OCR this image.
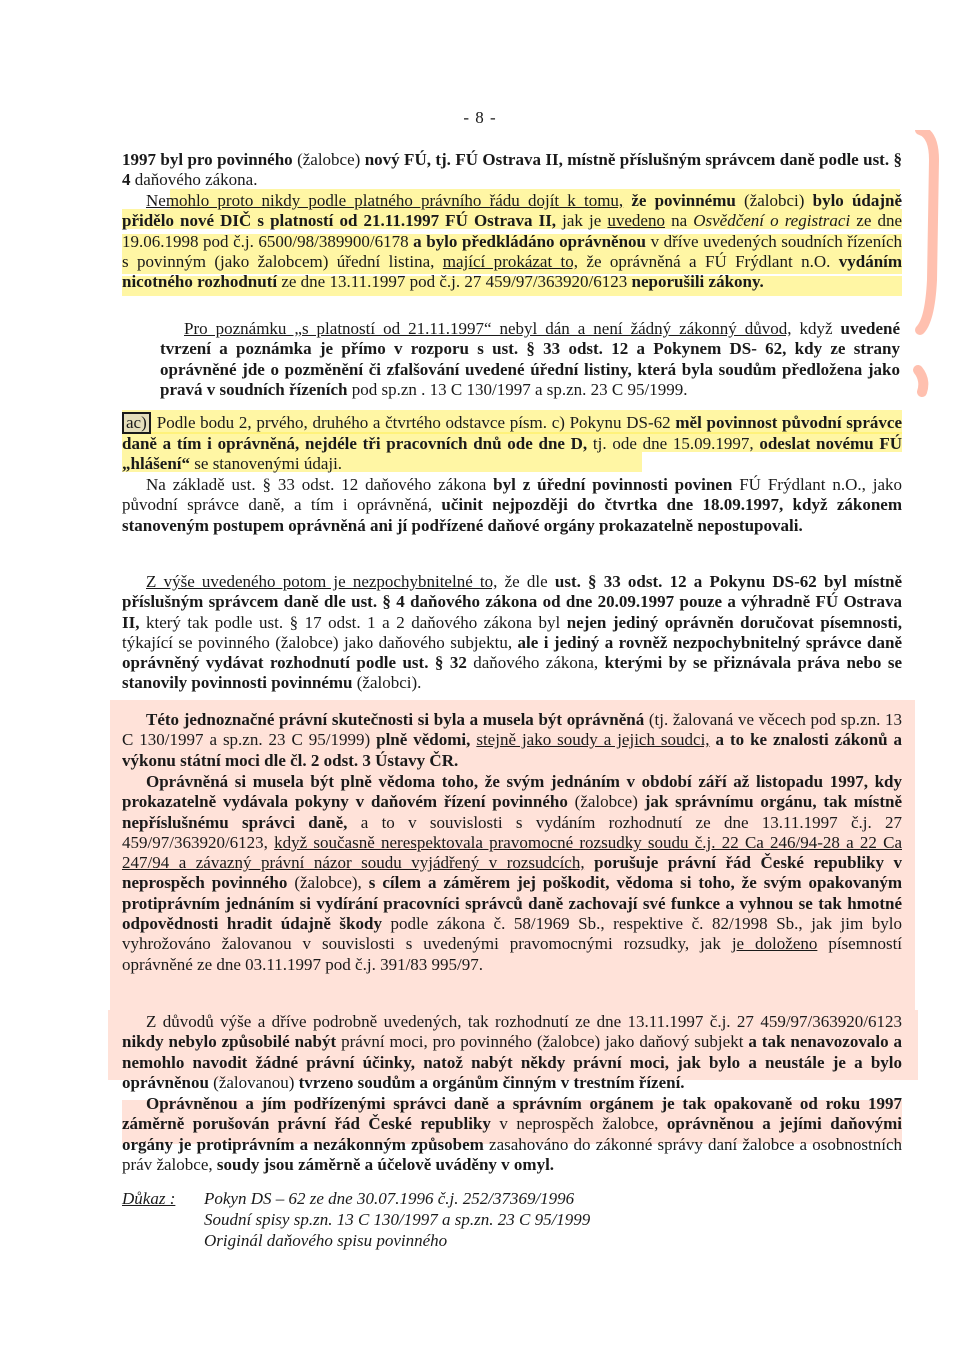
- 8 -

1997 byl pro povinného (žalobce) nový FÚ, tj. FÚ Ostrava II, místně příslušným správcem daně podle ust. § 4 daňového zákona.

Nemohlo proto nikdy podle platného právního řádu dojít k tomu, že povinnému (žalobci) bylo údajně přidělo nové DIČ s platností od 21.11.1997 FÚ Ostrava II, jak je uvedeno na Osvědčení o registraci ze dne 19.06.1998 pod č.j. 6500/98/389900/6178 a bylo předkládáno oprávněnou v dříve uvedených soudních řízeních s povinným (jako žalobcem) úřední listina, mající prokázat to, že oprávněná a FÚ Frýdlant n.O. vydáním nicotného rozhodnutí ze dne 13.11.1997 pod č.j. 27 459/97/363920/6123 neporušili zákony.

Pro poznámku „s platností od 21.11.1997“ nebyl dán a není žádný zákonný důvod, když uvedené tvrzení a poznámka je přímo v rozporu s ust. § 33 odst. 12 a Pokynem DS- 62, kdy ze strany oprávněné jde o pozměnění či zfalšování uvedené úřední listiny, která byla soudům předložena jako pravá v soudních řízeních pod sp.zn . 13 C 130/1997 a sp.zn. 23 C 95/1999.

ac) Podle bodu 2, prvého, druhého a čtvrtého odstavce písm. c) Pokynu DS-62 měl povinnost původní správce daně a tím i oprávněná, nejdéle tři pracovních dnů ode dne D, tj. ode dne 15.09.1997, odeslat novému FÚ „hlášení“ se stanovenými údaji.

Na základě ust. § 33 odst. 12 daňového zákona byl z úřední povinnosti povinen FÚ Frýdlant n.O., jako původní správce daně, a tím i oprávněná, učinit nejpozději do čtvrtka dne 18.09.1997, když zákonem stanoveným postupem oprávněná ani jí podřízené daňové orgány prokazatelně nepostupovali.

Z výše uvedeného potom je nezpochybnitelné to, že dle ust. § 33 odst. 12 a Pokynu DS-62 byl místně příslušným správcem daně dle ust. § 4 daňového zákona od dne 20.09.1997 pouze a výhradně FÚ Ostrava II, který tak podle ust. § 17 odst. 1 a 2 daňového zákona byl nejen jediný oprávněn doručovat písemnosti, týkající se povinného (žalobce) jako daňového subjektu, ale i jediný a rovněž nezpochybnitelný správce daně oprávněný vydávat rozhodnutí podle ust. § 32 daňového zákona, kterými by se přiznávala práva nebo se stanovily povinnosti povinnému (žalobci).

Této jednoznačné právní skutečnosti si byla a musela být oprávněná (tj. žalovaná ve věcech pod sp.zn. 13 C 130/1997 a sp.zn. 23 C 95/1999) plně vědomi, stejně jako soudy a jejich soudci, a to ke znalosti zákonů a výkonu státní moci dle čl. 2 odst. 3 Ústavy ČR.

Oprávněná si musela být plně vědoma toho, že svým jednáním v období září až listopadu 1997, kdy prokazatelně vydávala pokyny v daňovém řízení povinného (žalobce) jak správnímu orgánu, tak místně nepříslušnému správci daně, a to v souvislosti s vydáním rozhodnutí ze dne 13.11.1997 č.j. 27 459/97/363920/6123, když současně nerespektovala pravomocné rozsudky soudu č.j. 22 Ca 246/94-28 a 22 Ca 247/94 a závazný právní názor soudu vyjádřený v rozsudcích, porušuje právní řád České republiky v neprospěch povinného (žalobce), s cílem a záměrem jej poškodit, vědoma si toho, že svým opakovaným protiprávním jednáním si vydírání pracovníci správců daně zachovají své funkce a vyhnou se tak hmotné odpovědnosti hradit údajně škody podle zákona č. 58/1969 Sb., respektive č. 82/1998 Sb., jak jim bylo vyhrožováno žalovanou v souvislosti s uvedenými pravomocnými rozsudky, jak je doloženo písemností oprávněné ze dne 03.11.1997 pod č.j. 391/83 995/97.

Z důvodů výše a dříve podrobně uvedených, tak rozhodnutí ze dne 13.11.1997 č.j. 27 459/97/363920/6123 nikdy nebylo způsobilé nabýt právní moci, pro povinného (žalobce) jako daňový subjekt a tak nenavozovalo a nemohlo navodit žádné právní účinky, natož nabýt někdy právní moci, jak bylo a neustále je a bylo oprávněnou (žalovanou) tvrzeno soudům a orgánům činným v trestním řízení.

Oprávněnou a jím podřízenými správci daně a správním orgánem je tak opakovaně od roku 1997 záměrně porušován právní řád České republiky v neprospěch žalobce, oprávněnou a jejími daňovými orgány je protiprávním a nezákonným způsobem zasahováno do zákonné správy daní žalobce a osobnostních práv žalobce, soudy jsou záměrně a účelově uváděny v omyl.

Důkaz : Pokyn DS – 62 ze dne 30.07.1996 č.j. 252/37369/1996
Soudní spisy sp.zn. 13 C 130/1997 a sp.zn. 23 C 95/1999
Originál daňového spisu povinného
